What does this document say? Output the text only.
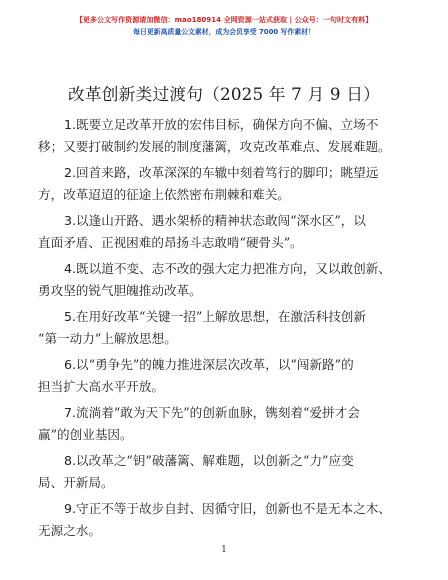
【更多公文写作资源请加微信：mao180914 全网资源一站式获取 | 公众号：一句时文有料】
每日更新高质量公文素材，成为会员享受 7000 写作素材！
改革创新类过渡句（2025 年 7 月 9 日）
1.既要立足改革开放的宏伟目标，确保方向不偏、立场不
移；又要打破制约发展的制度藩篱，攻克改革难点、发展难题。
2.回首来路，改革深深的车辙中刻着笃行的脚印；眺望远
方，改革迢迢的征途上依然密布荆棘和难关。
3.以逢山开路、遇水架桥的精神状态敢闯“深水区”，以
直面矛盾、正视困难的昂扬斗志敢啃“硬骨头”。
4.既以道不变、志不改的强大定力把准方向，又以敢创新、
勇攻坚的锐气胆魄推动改革。
5.在用好改革“关键一招”上解放思想，在激活科技创新
“第一动力”上解放思想。
6.以“勇争先”的魄力推进深层次改革，以“闯新路”的
担当扩大高水平开放。
7.流淌着“敢为天下先”的创新血脉，镌刻着“爱拼才会
赢”的创业基因。
8.以改革之“钥”破藩篱、解难题，以创新之“力”应变
局、开新局。
9.守正不等于故步自封、因循守旧，创新也不是无本之木、
无源之水。
1
